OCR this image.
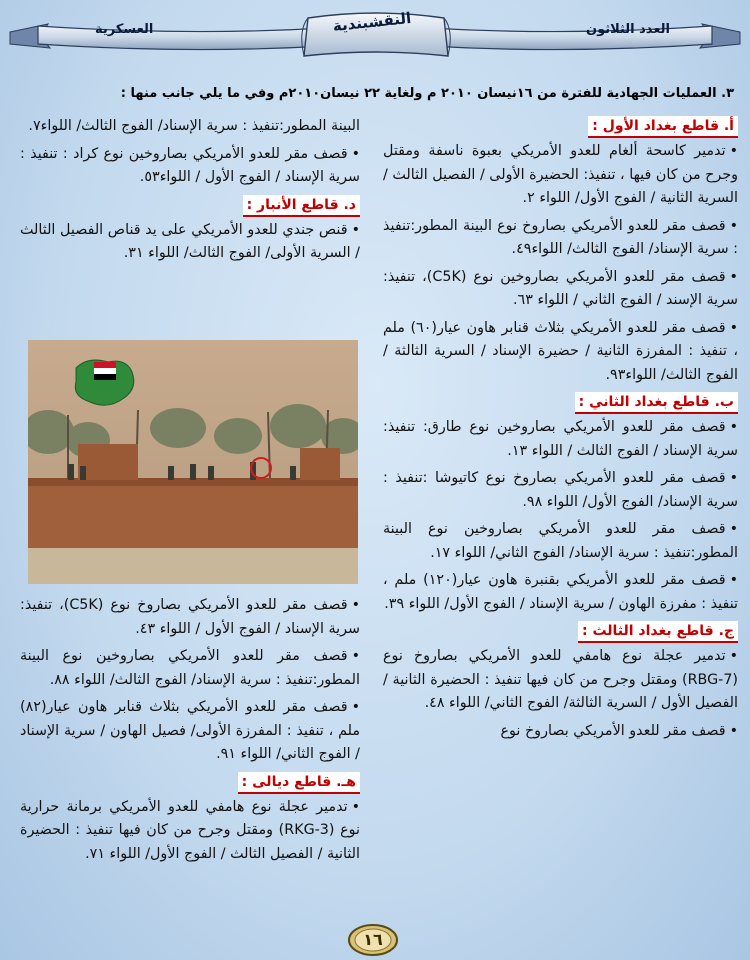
العدد الثلاثون
النقشبندية
العسكرية
٣. العمليات الجهادية للفترة من ١٦نيسان ٢٠١٠ م ولغاية ٢٢ نيسان٢٠١٠م وفي ما يلي جانب منها :
أ. قاطع بغداد الأول :
•تدمير كاسحة ألغام للعدو الأمريكي بعبوة ناسفة ومقتل وجرح من كان فيها ، تنفيذ: الحضيرة الأولى / الفصيل الثالث / السرية الثانية / الفوج الأول/ اللواء ٢.
•قصف مقر للعدو الأمريكي بصاروخ نوع البينة المطور:تنفيذ : سرية الإسناد/ الفوج الثالث/ اللواء٤٩.
•قصف مقر للعدو الأمريكي بصاروخين نوع (C5K)، تنفيذ: سرية الإسند / الفوج الثاني / اللواء ٦٣.
•قصف مقر للعدو الأمريكي بثلاث قنابر هاون عيار(٦٠) ملم ، تنفيذ : المفرزة الثانية / حضيرة الإسناد / السرية الثالثة / الفوج الثالث/ اللواء٩٣.
ب. قاطع بغداد الثاني :
•قصف مقر للعدو الأمريكي بصاروخين نوع طارق: تنفيذ: سرية الإسناد / الفوج الثالث / اللواء ١٣.
•قصف مقر للعدو الأمريكي بصاروخ نوع كاتيوشا :تنفيذ : سرية الإسناد/ الفوج الأول/ اللواء ٩٨.
•قصف مقر للعدو الأمريكي بصاروخين نوع البينة المطور:تنفيذ : سرية الإسناد/ الفوج الثاني/ اللواء ١٧.
•قصف مقر للعدو الأمريكي بقنبرة هاون عيار(١٢٠) ملم ، تنفيذ : مفرزة الهاون / سرية الإسناد / الفوج الأول/ اللواء ٣٩.
ج. قاطع بغداد الثالث :
•تدمير عجلة نوع هامفي للعدو الأمريكي بصاروخ نوع (RBG-7) ومقتل وجرح من كان فيها تنفيذ : الحضيرة الثانية / الفصيل الأول / السرية الثالثة/ الفوج الثاني/ اللواء ٤٨.
•قصف مقر للعدو الأمريكي بصاروخ نوع
البينة المطور:تنفيذ : سرية الإسناد/ الفوج الثالث/ اللواء٧.
•قصف مقر للعدو الأمريكي بصاروخين نوع كراد : تنفيذ : سرية الإسناد / الفوج الأول / اللواء٥٣.
د. قاطع الأنبار :
•قنص جندي للعدو الأمريكي على يد قناص الفصيل الثالث / السرية الأولى/ الفوج الثالث/ اللواء ٣١.
•قصف مقر للعدو الأمريكي بصاروخ نوع (C5K)، تنفيذ: سرية الإسناد / الفوج الأول / اللواء ٤٣.
•قصف مقر للعدو الأمريكي بصاروخين نوع البينة المطور:تنفيذ : سرية الإسناد/ الفوج الثالث/ اللواء ٨٨.
•قصف مقر للعدو الأمريكي بثلاث قنابر هاون عيار(٨٢) ملم ، تنفيذ : المفرزة الأولى/ فصيل الهاون / سرية الإسناد / الفوج الثاني/ اللواء ٩١.
هـ. قاطع ديالى :
•تدمير عجلة نوع هامفي للعدو الأمريكي برمانة حرارية نوع (RKG-3) ومقتل وجرح من كان فيها تنفيذ : الحضيرة الثانية / الفصيل الثالث / الفوج الأول/ اللواء ٧١.
١٦
